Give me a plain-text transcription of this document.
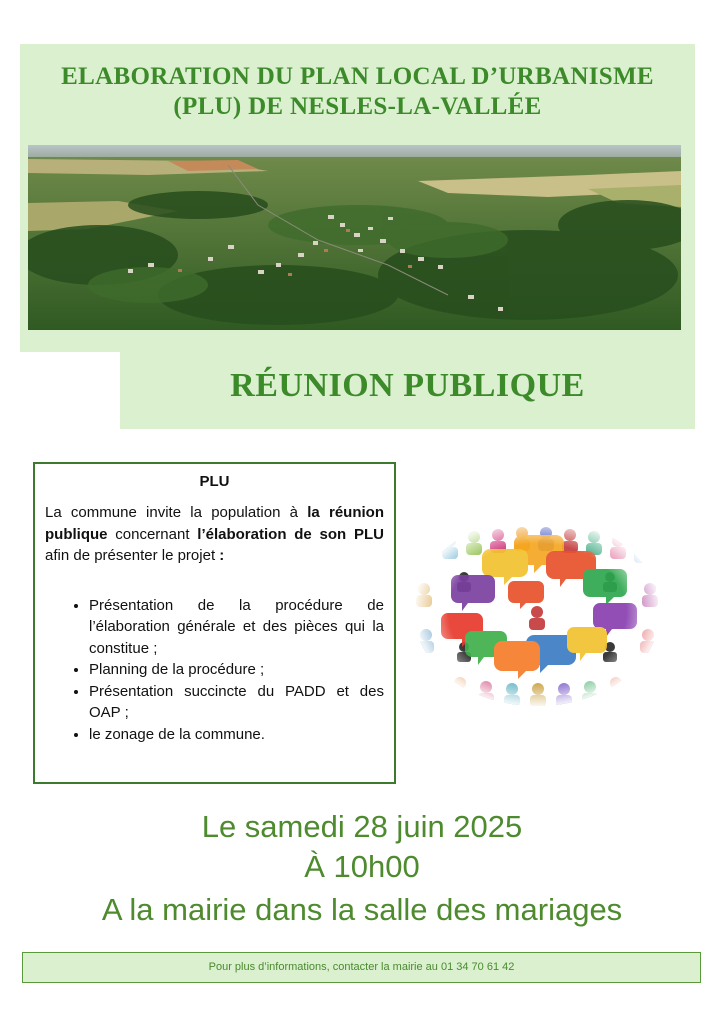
ELABORATION DU PLAN LOCAL D’URBANISME
(PLU) DE NESLES-LA-VALLÉE
RÉUNION PUBLIQUE
PLU
La commune invite la population à la réunion publique concernant l’élaboration de son PLU afin de présenter le projet :
• Présentation de la procédure de l’élaboration générale et des pièces qui la constitue ;
• Planning de la procédure ;
• Présentation succincte du PADD et des OAP ;
• le zonage de la commune.
Le samedi 28 juin 2025
À 10h00
A la mairie dans la salle des mariages
Pour plus d’informations, contacter la mairie au 01 34 70 61 42
